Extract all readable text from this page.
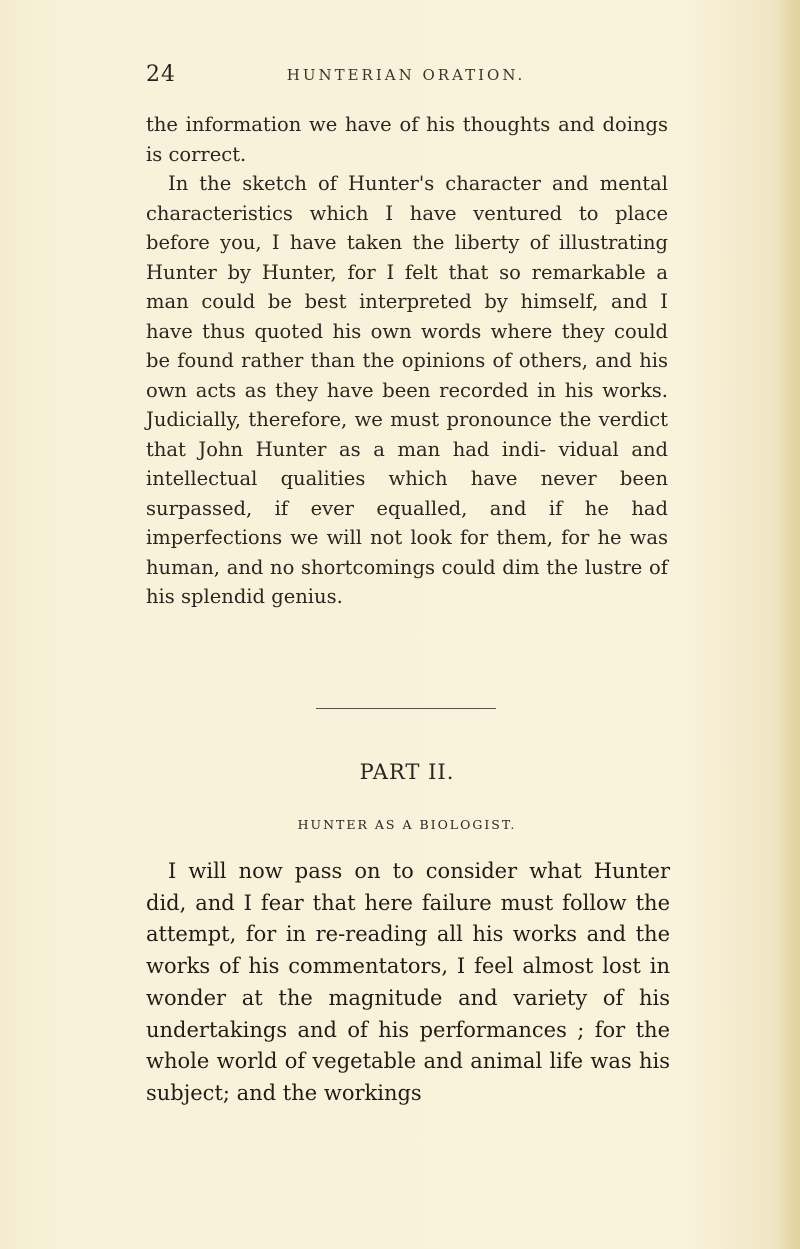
24	HUNTERIAN ORATION.

the information we have of his thoughts and doings is correct.

In the sketch of Hunter's character and mental characteristics which I have ventured to place before you, I have taken the liberty of illustrating Hunter by Hunter, for I felt that so remarkable a man could be best interpreted by himself, and I have thus quoted his own words where they could be found rather than the opinions of others, and his own acts as they have been recorded in his works. Judicially, therefore, we must pronounce the verdict that John Hunter as a man had indi- vidual and intellectual qualities which have never been surpassed, if ever equalled, and if he had imperfections we will not look for them, for he was human, and no shortcomings could dim the lustre of his splendid genius.

PART II.
HUNTER AS A BIOLOGIST.

I will now pass on to consider what Hunter did, and I fear that here failure must follow the attempt, for in re-reading all his works and the works of his commentators, I feel almost lost in wonder at the magnitude and variety of his undertakings and of his performances ; for the whole world of vegetable and animal life was his subject; and the workings
